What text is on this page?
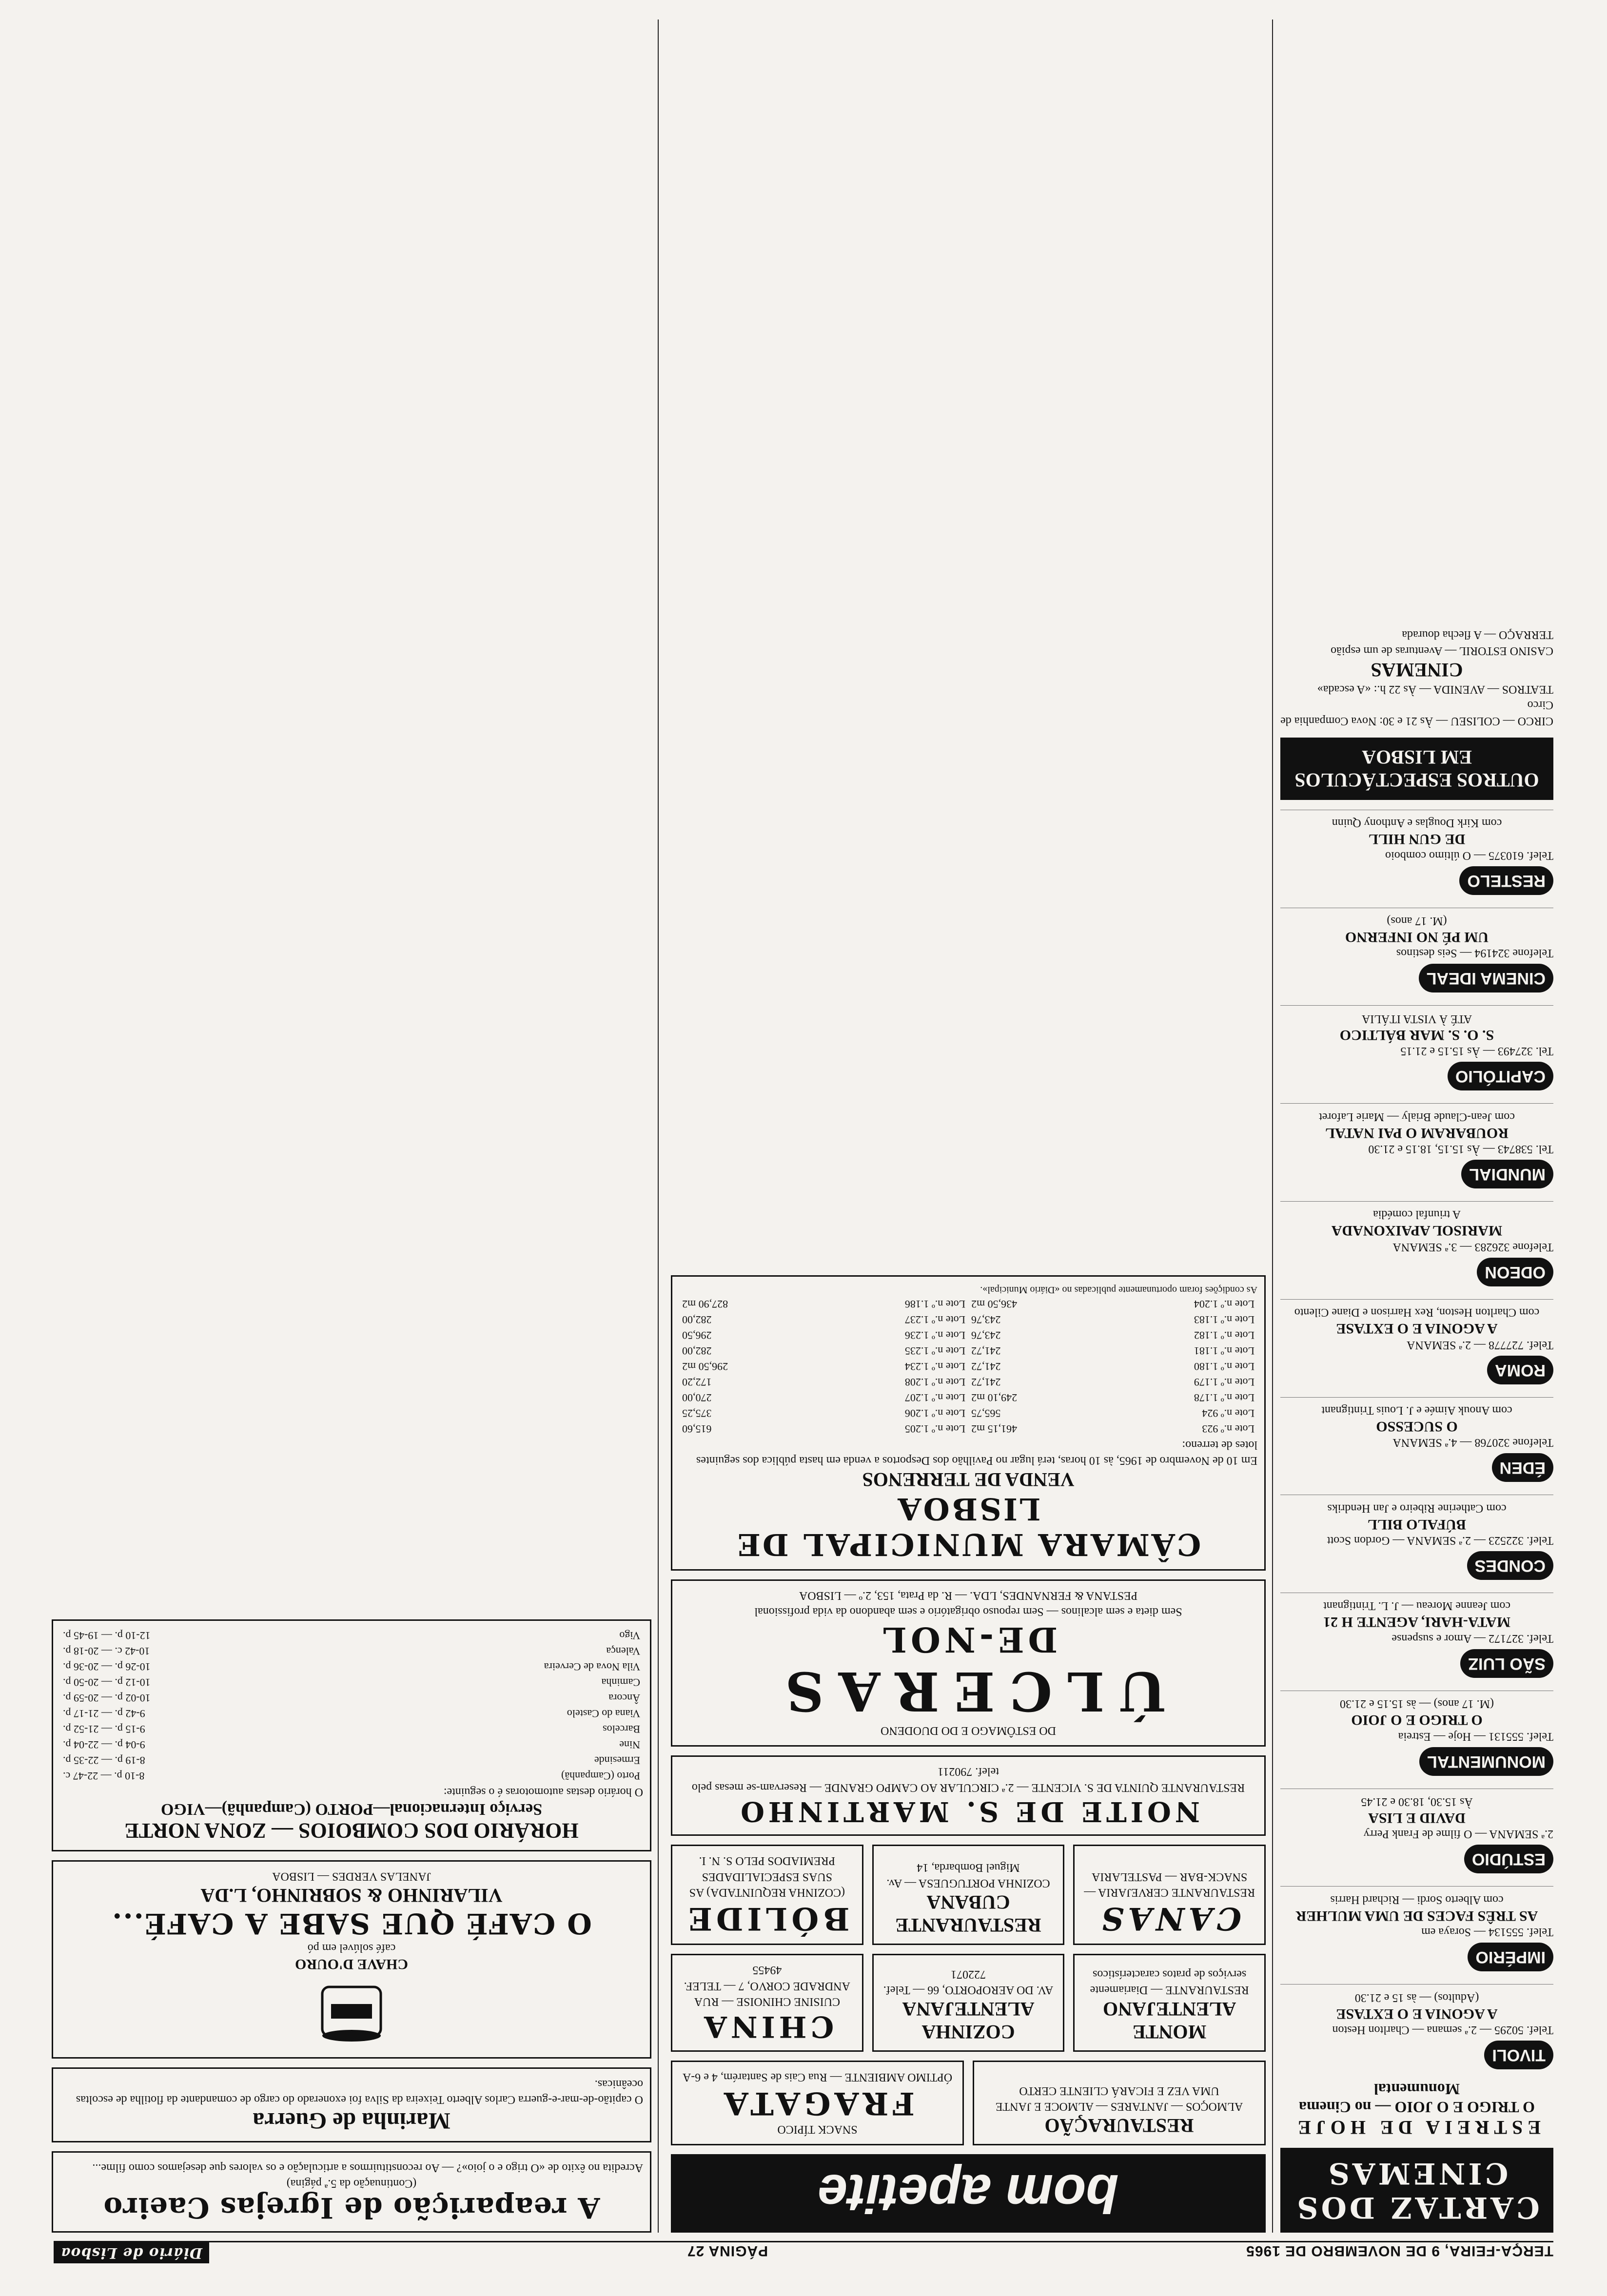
TERÇA-FEIRA, 9 DE NOVEMBRO DE 1965
PÁGINA 27
Diário de Lisboa
CARTAZ DOS CINEMAS
ESTREIA DE HOJE
O TRIGO E O JOIO — no Cinema Monumental
TIVOLI
Telef. 50295 — 2.ª semana — Charlton Heston
A AGONIA E O EXTASE
(Adultos) — às 15 e 21.30
IMPÉRIO
Telef. 555134 — Soraya em
AS TRÊS FACES DE UMA MULHER
com Alberto Sordi — Richard Harris
ESTÚDIO
2.ª SEMANA — O filme de Frank Perry
DAVID E LISA
Às 15.30, 18.30 e 21.45
MONUMENTAL
Telef. 555131 — Hoje — Estreia
O TRIGO E O JOIO
(M. 17 anos) — às 15.15 e 21.30
SÃO LUIZ
Telef. 327172 — Amor e suspense
MATA-HARI, AGENTE H 21
com Jeanne Moreau — J. L. Trintignant
CONDES
Telef. 322523 — 2.ª SEMANA — Gordon Scott
BÚFALO BILL
com Catherine Ribeiro e Jan Hendriks
ÉDEN
Telefone 320768 — 4.ª SEMANA
O SUCESSO
com Anouk Aimée e J. Louis Trintignant
ROMA
Telef. 727778 — 2.ª SEMANA
A AGONIA E O EXTASE
com Charlton Heston, Rex Harrison e Diane Cilento
ODEON
Telefone 326283 — 3.ª SEMANA
MARISOL APAIXONADA
A triunfal comédia
MUNDIAL
Tel. 538743 — Às 15.15, 18.15 e 21.30
ROUBARAM O PAI NATAL
com Jean-Claude Brialy — Marie Laforet
CAPITÓLIO
Tel. 327493 — Às 15.15 e 21.15
S. O. S. MAR BÁLTICO
ATÉ À VISTA ITÁLIA
CINEMA IDEAL
Telefone 324194 — Seis destinos
UM PÉ NO INFERNO
(M. 17 anos)
RESTELO
Telef. 610375 — O último comboio
DE GUN HILL
com Kirk Douglas e Anthony Quinn
OUTROS ESPECTÁCULOS EM LISBOA
CIRCO — COLISEU — Às 21 e 30: Nova Companhia de Circo
TEATROS — AVENIDA — Às 22 h.: «A escada»
CINEMAS
CASINO ESTORIL — Aventuras de um espião
TERRAÇO — A flecha dourada
bom apetite
RESTAURAÇÃO
ALMOÇOS — JANTARES — ALMOCE E JANTE UMA VEZ E FICARÁ CLIENTE CERTO
SNACK TÍPICO
FRAGATA
ÓPTIMO AMBIENTE — Rua Cais de Santarém, 4 e 6-A
MONTE ALENTEJANO
RESTAURANTE — Diariamente serviços de pratos característicos
COZINHA ALENTEJANA
AV. DO AEROPORTO, 66 — Telef. 722071
CHINA
CUISINE CHINOISE — RUA ANDRADE CORVO, 7 — TELEF. 49455
CANAS
RESTAURANTE CERVEJARIA — SNACK-BAR — PASTELARIA
RESTAURANTE CUBANA
COZINHA PORTUGUESA — Av. Miguel Bombarda, 14
BÓLIDE
(COZINHA REQUINTADA) AS SUAS ESPECIALIDADES PREMIADOS PELO S. N. I.
NOITE DE S. MARTINHO
RESTAURANTE QUINTA DE S. VICENTE — 2.ª CIRCULAR AO CAMPO GRANDE — Reservam-se mesas pelo telef. 790211
DO ESTÔMAGO E DO DUODENO
ÚLCERAS
DE-NOL
Sem dieta e sem alcalinos — Sem repouso obrigatório e sem abandono da vida profissional
PESTANA & FERNANDES, LDA. — R. da Prata, 153, 2.º — LISBOA
CÂMARA MUNICIPAL DE LISBOA
VENDA DE TERRENOS
Em 10 de Novembro de 1965, às 10 horas, terá lugar no Pavilhão dos Desportos a venda em hasta pública dos seguintes lotes de terreno:
Lote n.º 923	461,15 m2	Lote n.º 1.205	615,60
Lote n.º 924	565,75	Lote n.º 1.206	375,25
Lote n.º 1.178	249,10 m2	Lote n.º 1.207	270,00
Lote n.º 1.179	241,72	Lote n.º 1.208	172,20
Lote n.º 1.180	241,72	Lote n.º 1.234	296,50 m2
Lote n.º 1.181	241,72	Lote n.º 1.235	282,00
Lote n.º 1.182	243,76	Lote n.º 1.236	296,50
Lote n.º 1.183	243,76	Lote n.º 1.237	282,00
Lote n.º 1.204	436,50 m2	Lote n.º 1.186	827,90 m2
As condições foram oportunamente publicadas no «Diário Municipal».
A reaparição de Igrejas Caeiro
(Continuação da 5.ª página)
Acredita no êxito de «O trigo e o joio»? — Ao reconstituirmos a articulação e os valores que desejamos como filme...
Marinha de Guerra
O capitão-de-mar-e-guerra Carlos Alberto Teixeira da Silva foi exonerado do cargo de comandante da flotilha de escoltas oceânicas.
CHAVE D'OURO
café solúvel em pó
O CAFÉ QUE SABE A CAFÉ...
VILARINHO & SOBRINHO, L.DA
JANELAS VERDES — LISBOA
HORÁRIO DOS COMBOIOS — ZONA NORTE
Serviço Internacional—PORTO (Campanhã)—VIGO
O horário destas automotoras é o seguinte:
Porto (Campanhã)	8-10 p. — 22-47 c.
Ermesinde	8-19 p. — 22-35 p.
Nine	9-04 p. — 22-04 p.
Barcelos	9-15 p. — 21-52 p.
Viana do Castelo	9-42 p. — 21-17 p.
Âncora	10-02 p. — 20-59 p.
Caminha	10-12 p. — 20-50 p.
Vila Nova de Cerveira	10-26 p. — 20-36 p.
Valença	10-42 c. — 20-18 p.
Vigo	12-10 p. — 19-45 p.
